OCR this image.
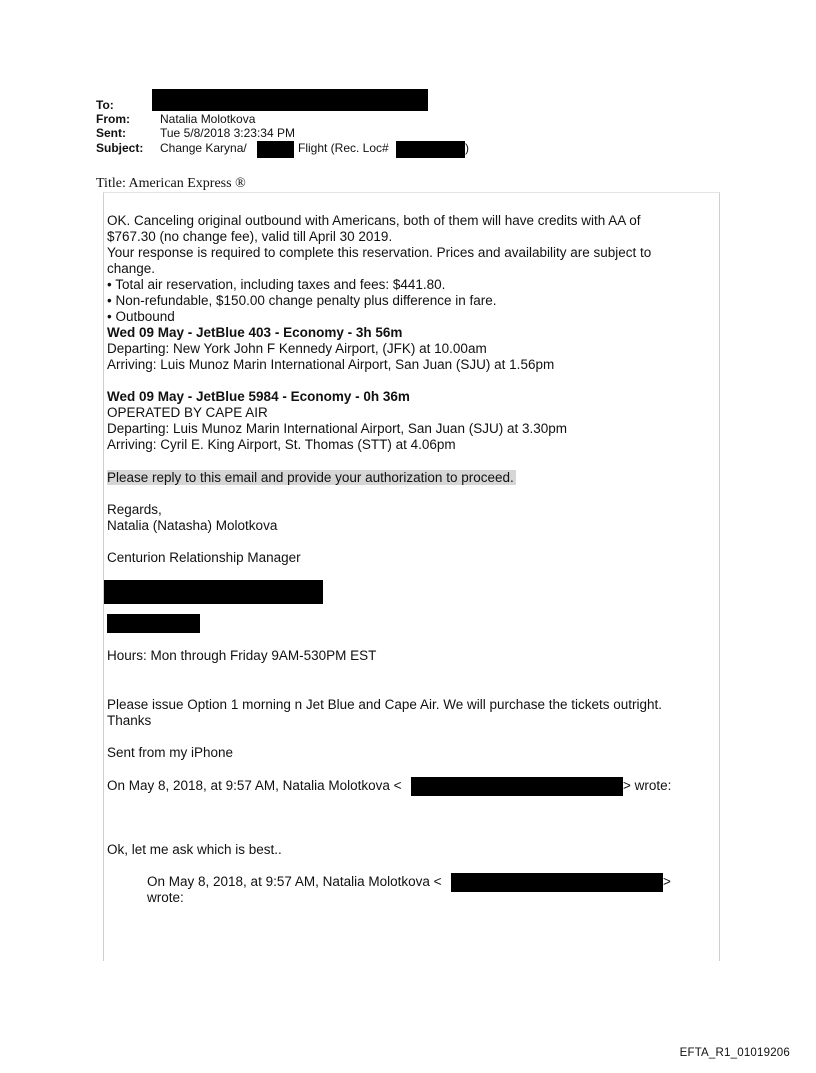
To:
From:	Natalia Molotkova
Sent:	Tue 5/8/2018 3:23:34 PM
Subject: Change Karyna/	Flight (Rec. Loc#	)
Title: American Express ®
OK. Canceling original outbound with Americans, both of them will have credits with AA of
$767.30 (no change fee), valid till April 30 2019.
Your response is required to complete this reservation. Prices and availability are subject to
change.
• Total air reservation, including taxes and fees: $441.80.
• Non-refundable, $150.00 change penalty plus difference in fare.
• Outbound
Wed 09 May - JetBlue 403 - Economy - 3h 56m
Departing: New York John F Kennedy Airport, (JFK) at 10.00am
Arriving: Luis Munoz Marin International Airport, San Juan (SJU) at 1.56pm
Wed 09 May - JetBlue 5984 - Economy - 0h 36m
OPERATED BY CAPE AIR
Departing: Luis Munoz Marin International Airport, San Juan (SJU) at 3.30pm
Arriving: Cyril E. King Airport, St. Thomas (STT) at 4.06pm
Please reply to this email and provide your authorization to proceed.
Regards,
Natalia (Natasha) Molotkova
Centurion Relationship Manager
Hours: Mon through Friday 9AM-530PM EST
Please issue Option 1 morning n Jet Blue and Cape Air. We will purchase the tickets outright.
Thanks
Sent from my iPhone
On May 8, 2018, at 9:57 AM, Natalia Molotkova <	> wrote:
Ok, let me ask which is best..
On May 8, 2018, at 9:57 AM, Natalia Molotkova <	>
wrote:
EFTA_R1_01019206
